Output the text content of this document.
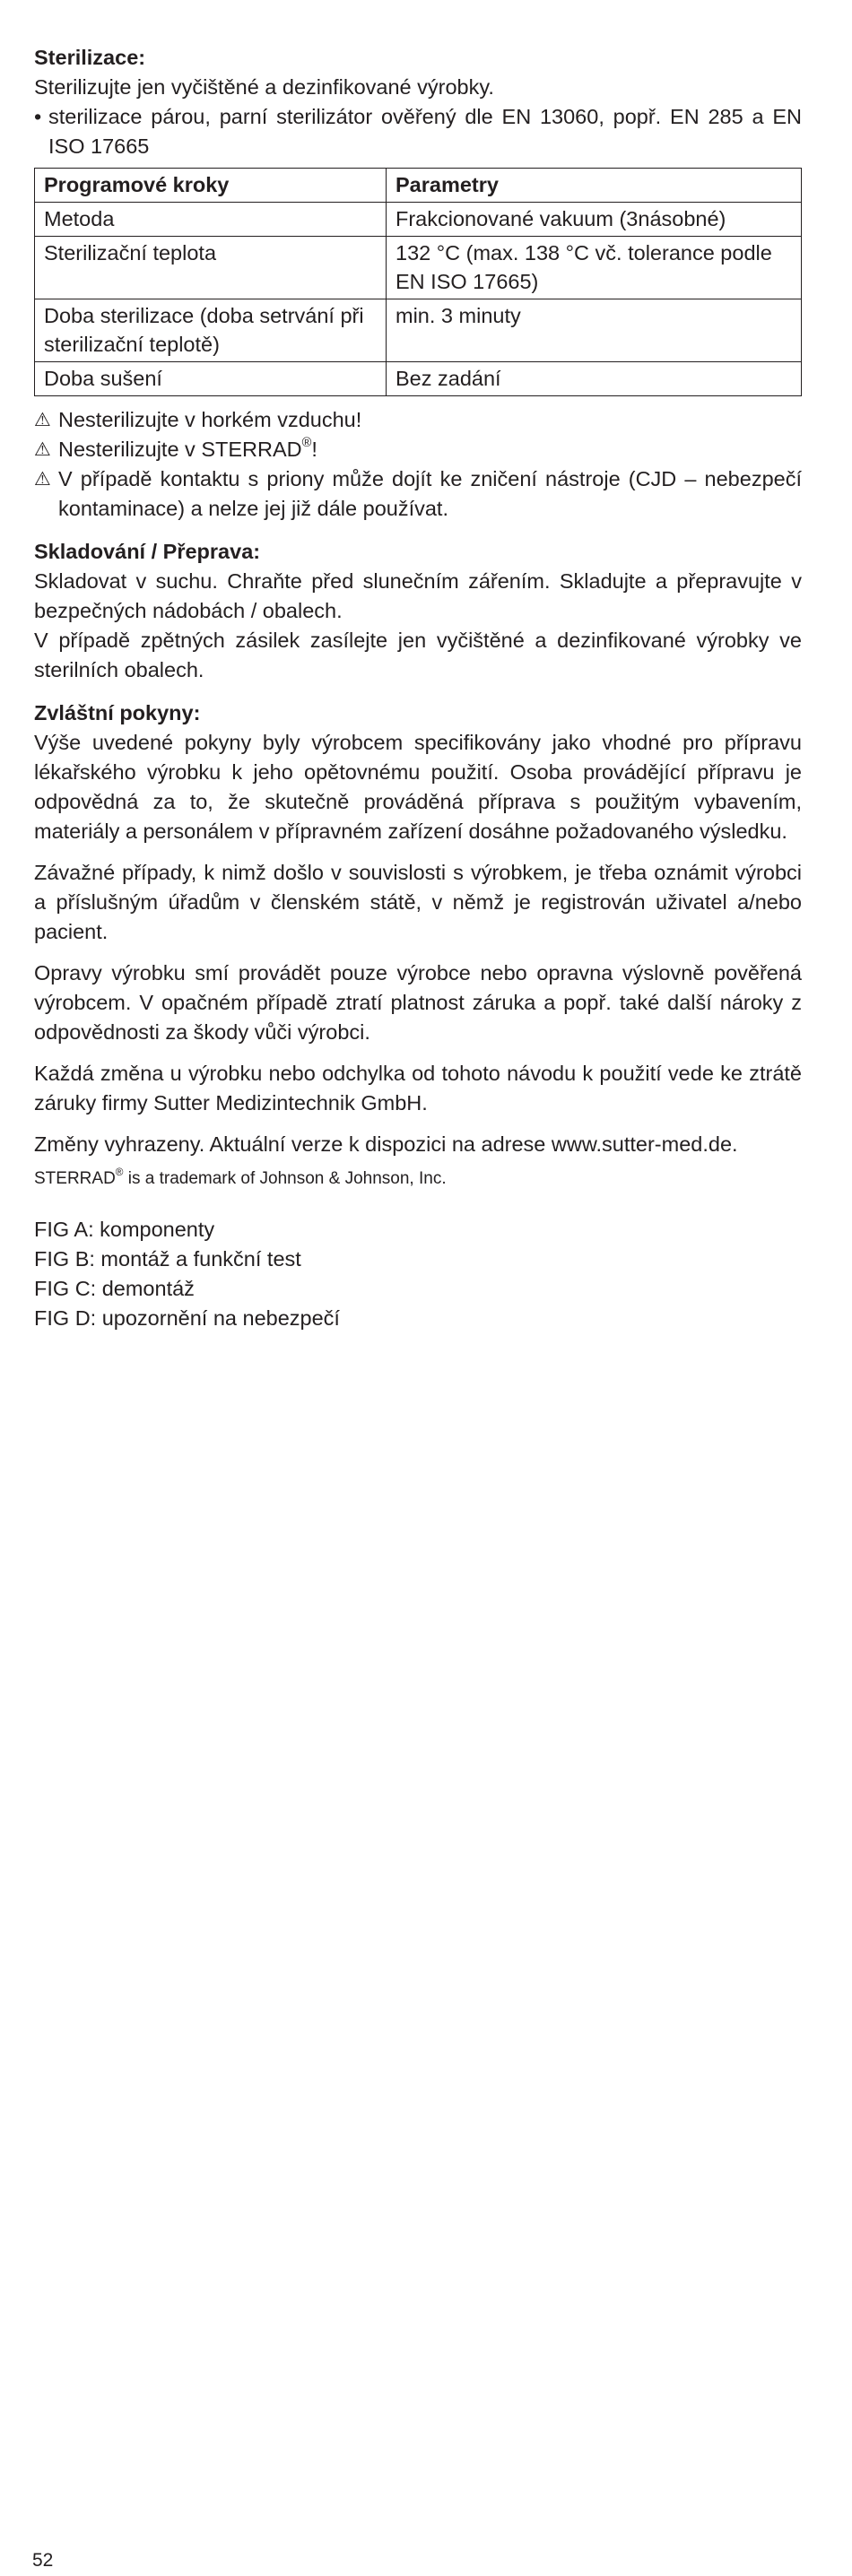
Sterilizace:

Sterilizujte jen vyčištěné a dezinfikované výrobky.

• sterilizace párou, parní sterilizátor ověřený dle EN 13060, popř. EN 285 a EN ISO 17665
Programové kroky	Parametry
Metoda	Frakcionované vakuum (3násobné)
Sterilizační teplota	132 °C (max. 138 °C vč. tolerance podle EN ISO 17665)
Doba sterilizace (doba setrvání při sterilizační teplotě)	min. 3 minuty
Doba sušení	Bez zadání
⚠ Nesterilizujte v horkém vzduchu!
⚠ Nesterilizujte v STERRAD®!
⚠ V případě kontaktu s priony může dojít ke zničení nástroje (CJD – nebezpečí kontaminace) a nelze jej již dále používat.
Skladování / Přeprava:

Skladovat v suchu. Chraňte před slunečním zářením. Skladujte a přepravujte v bezpečných nádobách / obalech.

V případě zpětných zásilek zasílejte jen vyčištěné a dezinfikované výrobky ve sterilních obalech.

Zvláštní pokyny:

Výše uvedené pokyny byly výrobcem specifikovány jako vhodné pro přípravu lékařského výrobku k jeho opětovnému použití. Osoba provádějící přípravu je odpovědná za to, že skutečně prováděná příprava s použitým vybavením, materiály a personálem v přípravném zařízení dosáhne požadovaného výsledku.

Závažné případy, k nimž došlo v souvislosti s výrobkem, je třeba oznámit výrobci a příslušným úřadům v členském státě, v němž je registrován uživatel a/nebo pacient.

Opravy výrobku smí provádět pouze výrobce nebo opravna výslovně pověřená výrobcem. V opačném případě ztratí platnost záruka a popř. také další nároky z odpovědnosti za škody vůči výrobci.

Každá změna u výrobku nebo odchylka od tohoto návodu k použití vede ke ztrátě záruky firmy Sutter Medizintechnik GmbH.

Změny vyhrazeny. Aktuální verze k dispozici na adrese www.sutter-med.de.

STERRAD® is a trademark of Johnson & Johnson, Inc.
FIG A: komponenty
FIG B: montáž a funkční test
FIG C: demontáž
FIG D: upozornění na nebezpečí
52
